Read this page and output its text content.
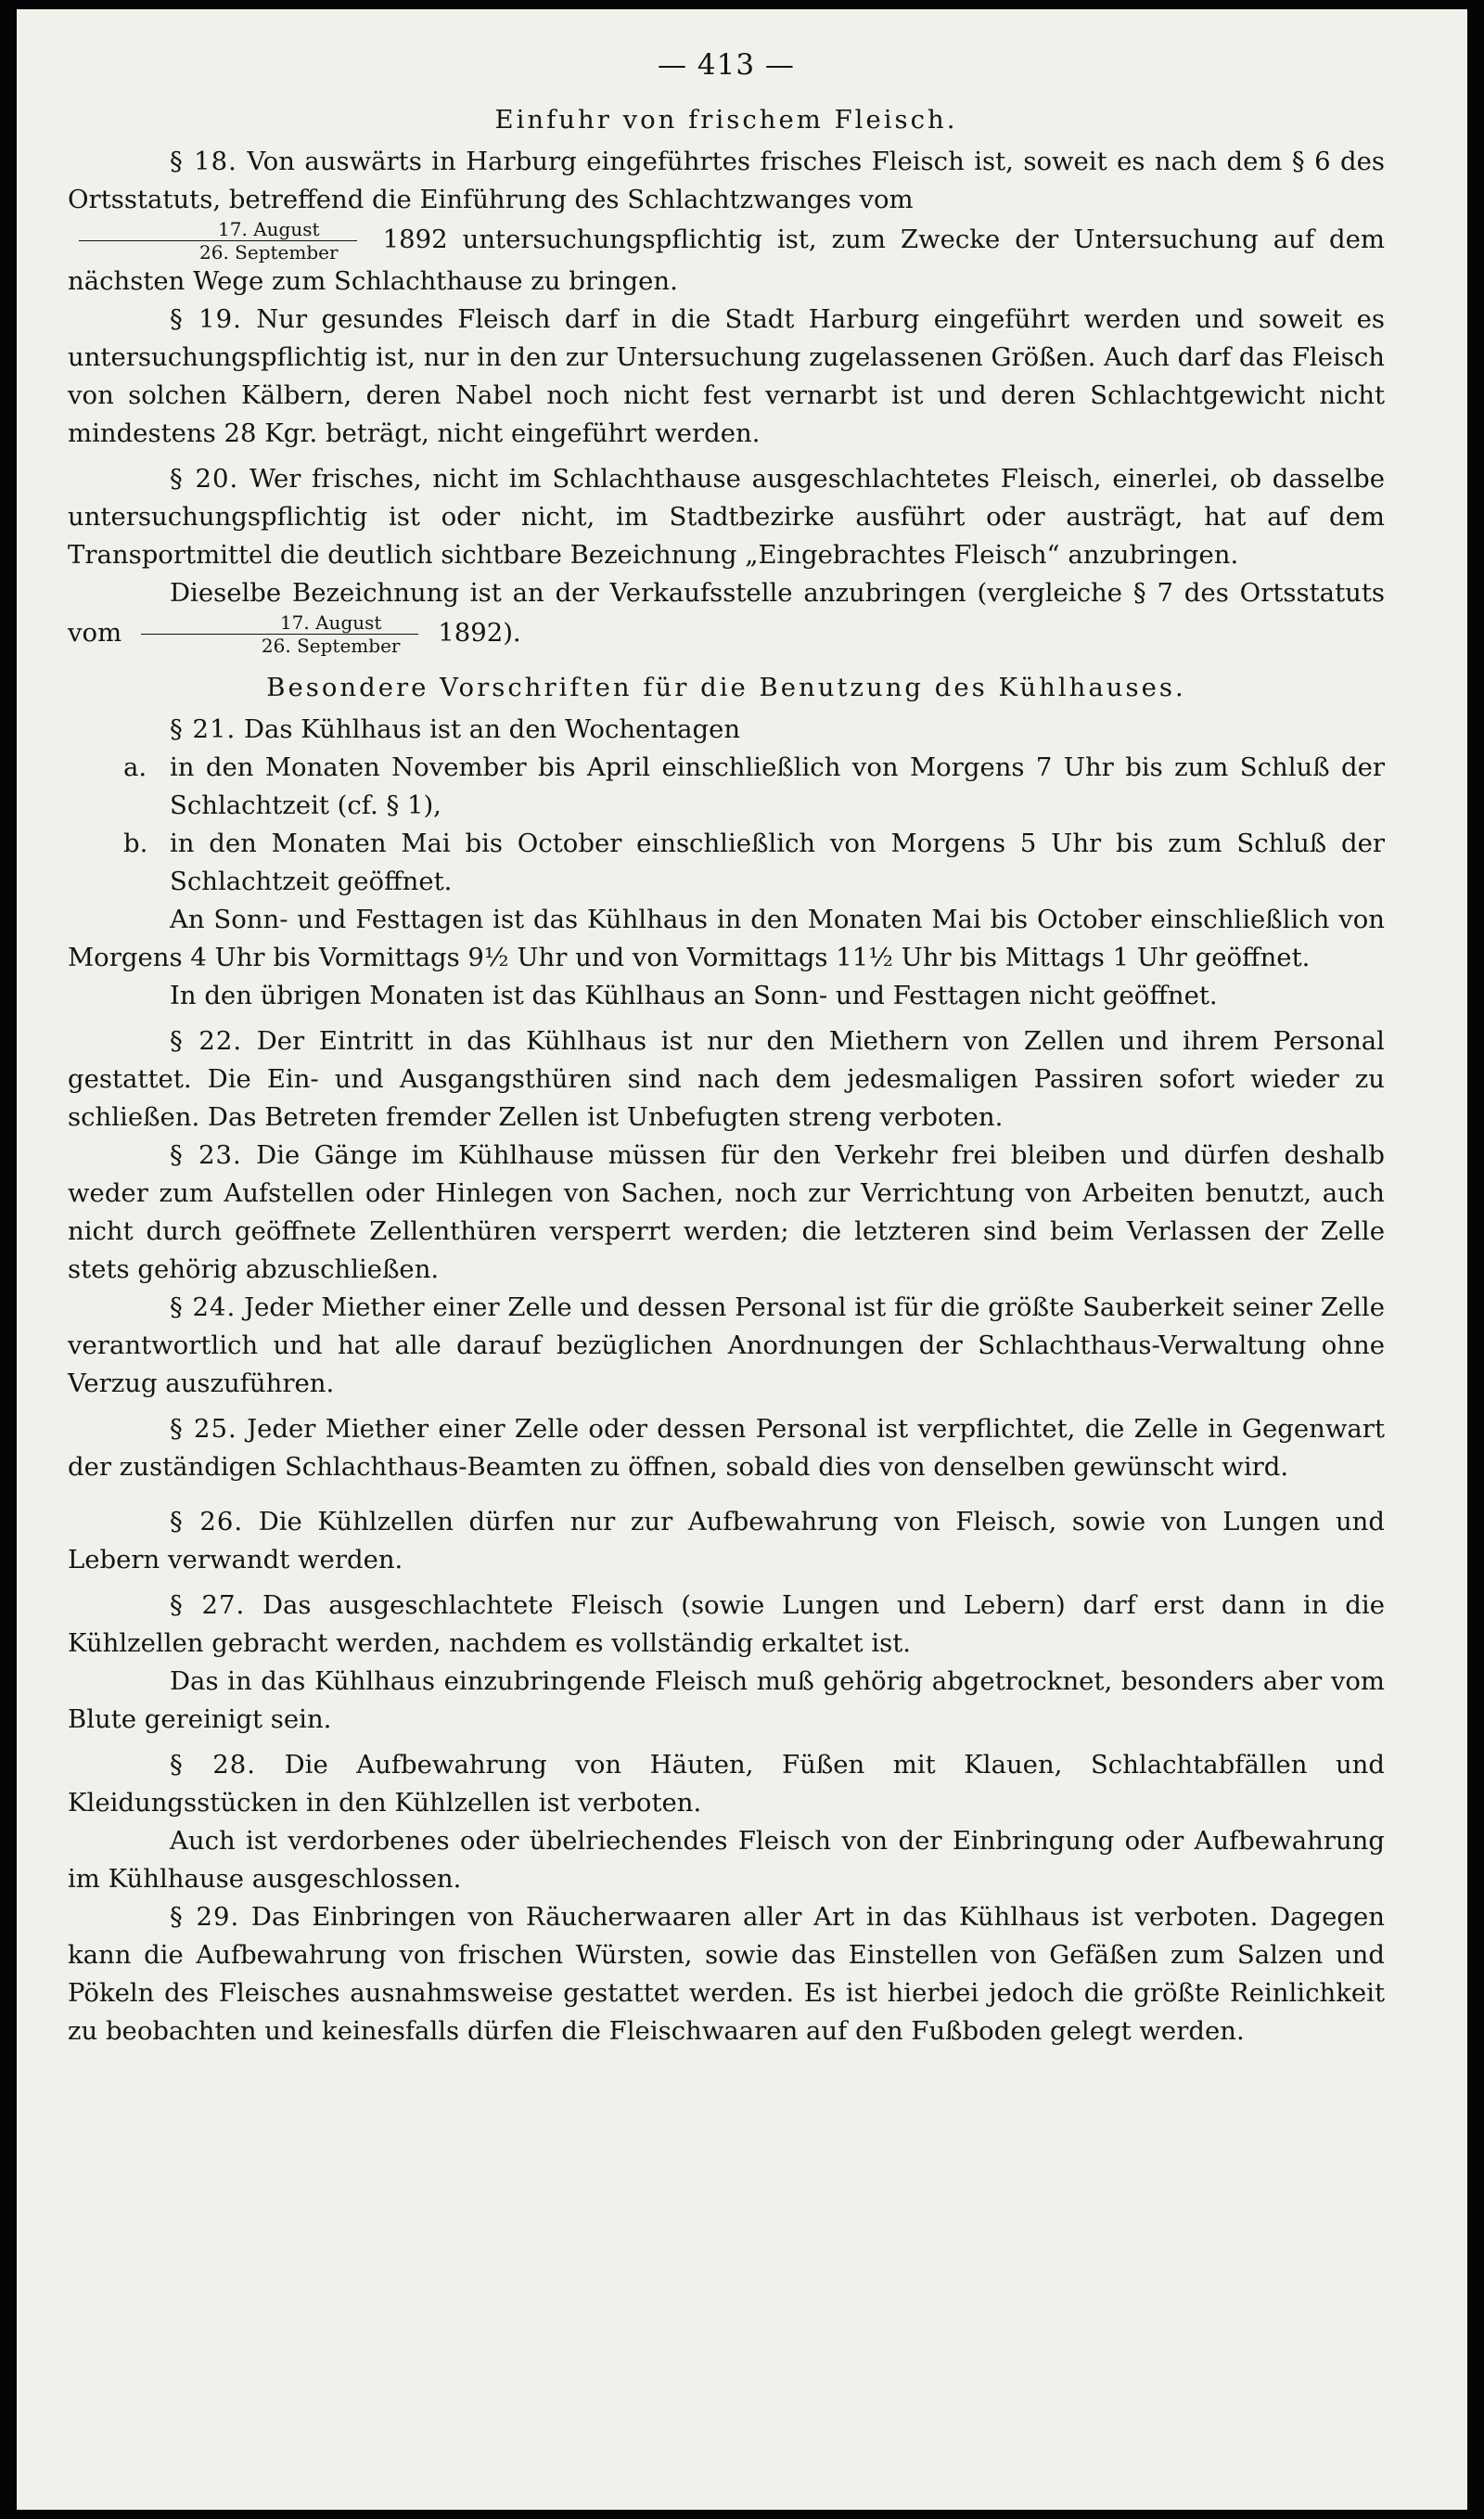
— 413 —
Einfuhr von frischem Fleisch.

§ 18. Von auswärts in Harburg eingeführtes frisches Fleisch ist, soweit es nach dem § 6 des Ortsstatuts, betreffend die Einführung des Schlachtzwanges vom

$\frac{\text{17. August}}{\text{26. September}} 1892$ untersuchungspflichtig ist, zum Zwecke der Untersuchung auf dem nächsten Wege zum Schlachthause zu bringen.

§ 19. Nur gesundes Fleisch darf in die Stadt Harburg eingeführt werden und soweit es untersuchungspflichtig ist, nur in den zur Untersuchung zugelassenen Größen. Auch darf das Fleisch von solchen Kälbern, deren Nabel noch nicht fest vernarbt ist und deren Schlachtgewicht nicht mindestens 28 Kgr. beträgt, nicht eingeführt werden.

§ 20. Wer frisches, nicht im Schlachthause ausgeschlachtetes Fleisch, einerlei, ob dasselbe untersuchungspflichtig ist oder nicht, im Stadtbezirke ausführt oder austrägt, hat auf dem Transportmittel die deutlich sichtbare Bezeichnung „Eingebrachtes Fleisch“ anzubringen.

Dieselbe Bezeichnung ist an der Verkaufsstelle anzubringen (vergleiche § 7 des Ortsstatuts vom $\frac{\text{17. August}}{\text{26. September}} 1892$).

Besondere Vorschriften für die Benutzung des Kühlhauses.

§ 21. Das Kühlhaus ist an den Wochentagen

a. in den Monaten November bis April einschließlich von Morgens 7 Uhr bis zum Schluß der Schlachtzeit (cf. § 1),
b. in den Monaten Mai bis October einschließlich von Morgens 5 Uhr bis zum Schluß der Schlachtzeit geöffnet.

An Sonn- und Festtagen ist das Kühlhaus in den Monaten Mai bis October einschließlich von Morgens 4 Uhr bis Vormittags 9½ Uhr und von Vormittags 11½ Uhr bis Mittags 1 Uhr geöffnet.

In den übrigen Monaten ist das Kühlhaus an Sonn- und Festtagen nicht geöffnet.

§ 22. Der Eintritt in das Kühlhaus ist nur den Miethern von Zellen und ihrem Personal gestattet. Die Ein- und Ausgangsthüren sind nach dem jedesmaligen Passiren sofort wieder zu schließen. Das Betreten fremder Zellen ist Unbefugten streng verboten.

§ 23. Die Gänge im Kühlhause müssen für den Verkehr frei bleiben und dürfen deshalb weder zum Aufstellen oder Hinlegen von Sachen, noch zur Verrichtung von Arbeiten benutzt, auch nicht durch geöffnete Zellenthüren versperrt werden; die letzteren sind beim Verlassen der Zelle stets gehörig abzuschließen.

§ 24. Jeder Miether einer Zelle und dessen Personal ist für die größte Sauberkeit seiner Zelle verantwortlich und hat alle darauf bezüglichen Anordnungen der Schlachthaus-Verwaltung ohne Verzug auszuführen.

§ 25. Jeder Miether einer Zelle oder dessen Personal ist verpflichtet, die Zelle in Gegenwart der zuständigen Schlachthaus-Beamten zu öffnen, sobald dies von denselben gewünscht wird.

§ 26. Die Kühlzellen dürfen nur zur Aufbewahrung von Fleisch, sowie von Lungen und Lebern verwandt werden.

§ 27. Das ausgeschlachtete Fleisch (sowie Lungen und Lebern) darf erst dann in die Kühlzellen gebracht werden, nachdem es vollständig erkaltet ist.

Das in das Kühlhaus einzubringende Fleisch muß gehörig abgetrocknet, besonders aber vom Blute gereinigt sein.

§ 28. Die Aufbewahrung von Häuten, Füßen mit Klauen, Schlachtabfällen und Kleidungsstücken in den Kühlzellen ist verboten.

Auch ist verdorbenes oder übelriechendes Fleisch von der Einbringung oder Aufbewahrung im Kühlhause ausgeschlossen.

§ 29. Das Einbringen von Räucherwaaren aller Art in das Kühlhaus ist verboten. Dagegen kann die Aufbewahrung von frischen Würsten, sowie das Einstellen von Gefäßen zum Salzen und Pökeln des Fleisches ausnahmsweise gestattet werden. Es ist hierbei jedoch die größte Reinlichkeit zu beobachten und keinesfalls dürfen die Fleischwaaren auf den Fußboden gelegt werden.
